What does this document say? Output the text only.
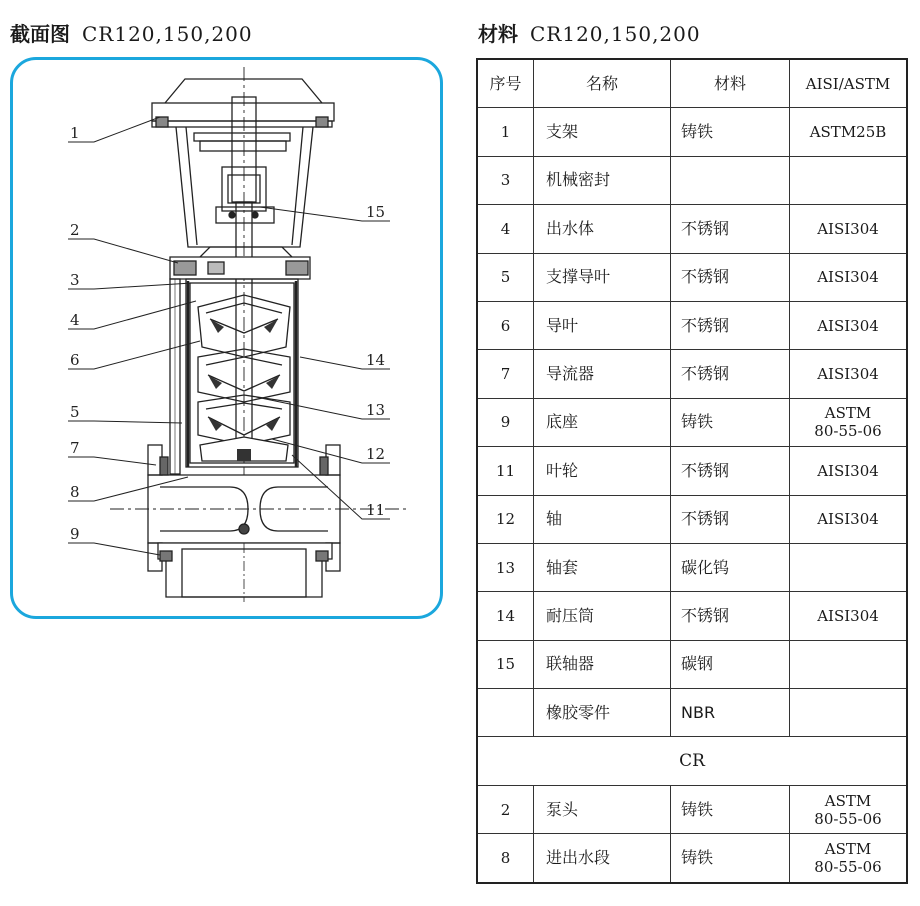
截面图 CR120,150,200	材料 CR120,150,200
1
2
3
4
6
5
7
8
9
15
14
13
12
11
序号	名称	材料	AISI/ASTM
1	支架	铸铁	ASTM25B

3	机械密封		

4	出水体	不锈钢	AISI304

5	支撑导叶	不锈钢	AISI304

6	导叶	不锈钢	AISI304

7	导流器	不锈钢	AISI304

9	底座	铸铁	ASTM
80-55-06

11	叶轮	不锈钢	AISI304

12	轴	不锈钢	AISI304

13	轴套	碳化钨	

14	耐压筒	不锈钢	AISI304

15	联轴器	碳钢	

	橡胶零件	NBR	

CR			
2	泵头	铸铁	ASTM
80-55-06

8	进出水段	铸铁	ASTM
80-55-06
